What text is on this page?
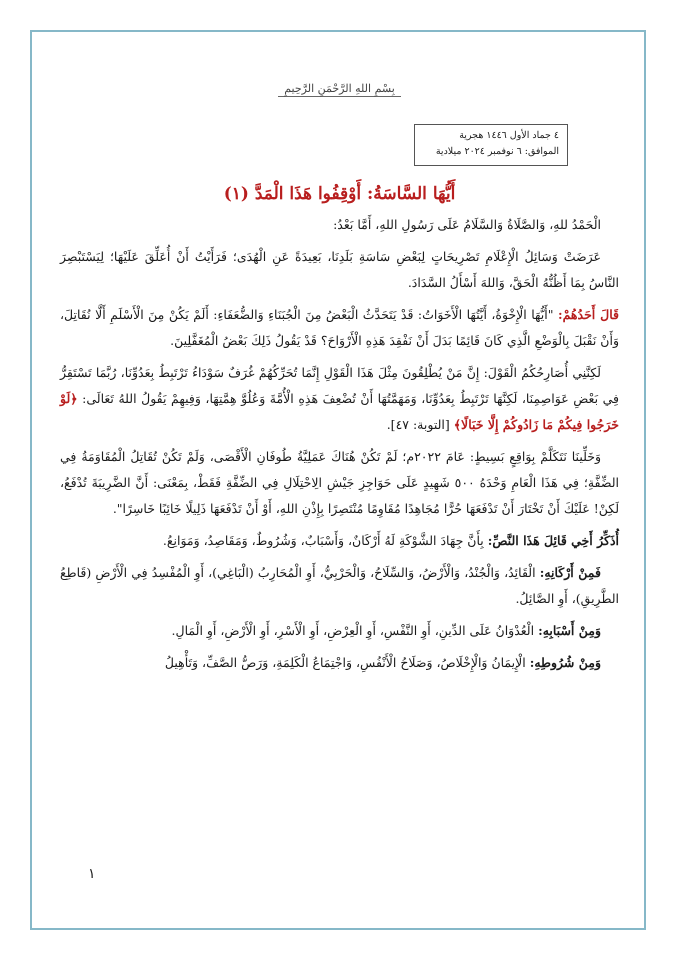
بِسْمِ اللهِ الرَّحْمَنِ الرَّحِيمِ
٤ جماد الأول ١٤٤٦ هجرية
الموافق: ٦ نوفمبر ٢٠٢٤ ميلادية
أَيُّهَا السَّاسَةُ: أَوْقِفُوا هَذَا الْمَدَّ (١)

الْحَمْدُ للهِ، وَالصَّلَاةُ وَالسَّلَامُ عَلَى رَسُولِ اللهِ، أَمَّا بَعْدُ:

عَرَضَتْ وَسَائِلُ الْإِعْلَامِ تَصْرِيحَاتٍ لِبَعْضِ سَاسَةِ بَلَدِنَا، بَعِيدَةً عَنِ الْهُدَى؛ فَرَأَيْتُ أَنْ أُعَلِّقَ عَلَيْهَا؛ لِيَسْتَبْصِرَ النَّاسُ بِمَا أَظُنُّهُ الْحَقَّ، وَاللهَ أَسْأَلُ السَّدَادَ.

قَالَ أَحَدُهُمْ: "أَيُّهَا الْإِخْوَةُ، أَيَّتُهَا الْأَخَوَاتُ: قَدْ يَتَحَدَّثُ الْبَعْضُ مِنَ الْجُبَنَاءِ وَالضُّعَفَاءِ: أَلَمْ يَكُنْ مِنَ الْأَسْلَمِ أَلَّا نُقَاتِلَ، وَأَنْ نَقْبَلَ بِالْوَضْعِ الَّذِي كَانَ قَائِمًا بَدَلَ أَنْ نَفْقِدَ هَذِهِ الْأَرْوَاحَ؟ قَدْ يَقُولُ ذَلِكَ بَعْضُ الْمُغَفَّلِينَ.

لَكِنَّنِي أُصَارِحُكُمُ الْقَوْلَ: إِنَّ مَنْ يُطْلِقُونَ مِثْلَ هَذَا الْقَوْلِ إِنَّمَا تُحَرِّكُهُمْ غُرَفٌ سَوْدَاءُ تَرْتَبِطُ بِعَدُوِّنَا، رُبَّمَا تَسْتَقِرُّ فِي بَعْضِ عَوَاصِمِنَا، لَكِنَّهَا تَرْتَبِطُ بِعَدُوِّنَا، وَمَهَمَّتُهَا أَنْ تُضْعِفَ هَذِهِ الْأُمَّةَ وَعُلُوَّ هِمَّتِهَا، وَفِيهِمْ يَقُولُ اللهُ تَعَالَى: ﴿لَوْ خَرَجُوا فِيكُمْ مَا زَادُوكُمْ إِلَّا خَبَالًا﴾ [التوبة: ٤٧].

وَخَلِّينَا نَتَكَلَّمْ بِوَاقِعٍ بَسِيطٍ: عَامَ ٢٠٢٢م؛ لَمْ تَكُنْ هُنَاكَ عَمَلِيَّةُ طُوفَانِ الْأَقْصَى، وَلَمْ تَكُنْ تُقَاتِلُ الْمُقَاوَمَةُ فِي الضِّفَّةِ؛ فِي هَذَا الْعَامِ وَحْدَهُ ٥٠٠ شَهِيدٍ عَلَى حَوَاجِزِ جَيْشِ الِاحْتِلَالِ فِي الضِّفَّةِ فَقَطْ، بِمَعْنَى: أَنَّ الضَّرِيبَةَ تُدْفَعُ، لَكِنْ! عَلَيْكَ أَنْ تَخْتَارَ أَنْ تَدْفَعَهَا حُرًّا مُجَاهِدًا مُقَاوِمًا مُنْتَصِرًا بِإِذْنِ اللهِ، أَوْ أَنْ تَدْفَعَهَا ذَلِيلًا خَائِبًا خَاسِرًا".

أُذَكِّرُ أَخِي قَائِلَ هَذَا النَّصِّ: بِأَنَّ جِهَادَ الشَّوْكَةِ لَهُ أَرْكَانٌ، وَأَسْبَابٌ، وَشُرُوطٌ، وَمَقَاصِدُ، وَمَوَانِعُ.

فَمِنْ أَرْكَانِهِ: الْقَائِدُ، وَالْجُنْدُ، وَالْأَرْضُ، وَالسِّلَاحُ، وَالْحَرْبِيُّ، أَوِ الْمُحَارِبُ (الْبَاغِي)، أَوِ الْمُفْسِدُ فِي الْأَرْضِ (قَاطِعُ الطَّرِيقِ)، أَوِ الصَّائِلُ.

وَمِنْ أَسْبَابِهِ: الْعُدْوَانُ عَلَى الدِّينِ، أَوِ النَّفْسِ، أَوِ الْعِرْضِ، أَوِ الْأَسْرِ، أَوِ الْأَرْضِ، أَوِ الْمَالِ.

وَمِنْ شُرُوطِهِ: الْإِيمَانُ وَالْإِخْلَاصُ، وَصَلَاحُ الْأَنْفُسِ، وَاجْتِمَاعُ الْكَلِمَةِ، وَرَصُّ الصَّفِّ، وَتَأْهِيلُ

١
